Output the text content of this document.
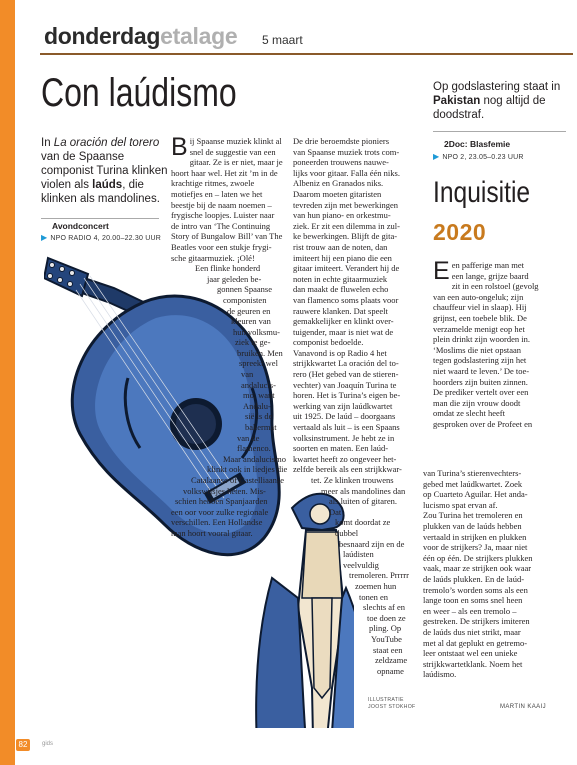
donderdagetalage 5 maart
Con laúdismo
In La oración del torero van de Spaanse componist Turina klinken violen als laúds, die klinken als mandolines.
Avondconcert
▶ NPO RADIO 4, 20.00–22.30 UUR
B ij Spaanse muziek klinkt al

snel de suggestie van een

gitaar. Ze is er niet, maar je

hoort haar wel. Het zit ’m in de

krachtige ritmes, zwoele

motiefjes en – laten we het

beestje bij de naam noemen –

frygische loopjes. Luister naar

de intro van ‘The Continuing

Story of Bungalow Bill’ van The

Beatles voor een stukje frygi-

sche gitaarmuziek. ¡Olé!

Een flinke honderd

jaar geleden be-

gonnen Spaanse

componisten

de geuren en

kleuren van

hun volksmu-

ziek te ge-

bruiken. Men

spreekt wel

van andalucis-

mo, want Andalu-

sië is de bakermat

van de flamenco.

Maar andalucismo

klinkt ook in liedjes die

Catalaanse of Castelliaanse

volkswijsjes heten. Mis-

schien hebben Spanjaarden

een oor voor zulke regionale

verschillen. Een Hollandse

man hoort vooral gitaar.

De drie beroemdste pioniers

van Spaanse muziek trots com-

poneerden trouwens nauwe-

lijks voor gitaar. Falla één niks.

Albeniz en Granados niks.

Daarom moeten gitaristen

tevreden zijn met bewerkingen

van hun piano- en orkestmu-

ziek. Er zit een dilemma in zul-

ke bewerkingen. Blijft de gita-

rist trouw aan de noten, dan

imiteert hij een piano die een

gitaar imiteert. Verandert hij de

noten in echte gitaarmuziek

dan maakt de fluwelen echo

van flamenco soms plaats voor

rauwere klanken. Dat speelt

gemakkelijker en klinkt over-

tuigender, maar is niet wat de

componist bedoelde.

Vanavond is op Radio 4 het

strijkkwartet La oración del to-

rero (Het gebed van de stieren-

vechter) van Joaquín Turina te

horen. Het is Turina’s eigen be-

werking van zijn laúdkwartet

uit 1925. De laúd – doorgaans

vertaald als luit – is een Spaans

volksinstrument. Je hebt ze in

soorten en maten. Een laúd-

kwartet heeft zo ongeveer het-

zelfde bereik als een strijkkwar-

tet. Ze klinken trouwens

meer als mandolines dan

als luiten of gitaren. Dat

komt doordat ze dubbel

besnaard zijn en de

laúdisten veelvuldig

tremoleren. Prrrrr

zoemen hun

tonen en

slechts af en

toe doen ze

pling. Op

YouTube

staat een

zeldzame

opname

Op godslastering staat in Pakistan nog altijd de doodstraf.
2Doc: Blasfemie
▶ NPO 2, 23.05–0.23 UUR
Inquisitie
2020
E en pafferige man met

een lange, grijze baard

zit in een rolstoel (gevolg

van een auto-ongeluk; zijn

chauffeur viel in slaap). Hij

grijnst, een toebele blik. De

verzamelde menigt eop het

plein drinkt zijn woorden in.

‘Moslims die niet opstaan

tegen godslastering zijn het

niet waard te leven.’ De toe-

hoorders zijn buiten zinnen.

De prediker vertelt over een

man die zijn vrouw doodt

omdat ze slecht heeft

gesproken over de Profeet en

van Turina’s stierenvechters-

gebed met laúdkwartet. Zoek

op Cuarteto Aguilar. Het anda-

lucismo spat ervan af.

Zou Turina het tremoleren en

plukken van de laúds hebben

vertaald in strijken en plukken

voor de strijkers? Ja, maar niet

één op één. De strijkers plukken

vaak, maar ze strijken ook waar

de laúds plukken. En de laúd-

tremolo’s worden soms als een

lange toon en soms snel heen

en weer – als een tremolo –

gestreken. De strijkers imiteren

de laúds dus niet strikt, maar

met al dat geplukt en getremo-

leer ontstaat wel een unieke

strijkkwartetklank. Noem het

laúdismo.

MARTIN KAAIJ
ILLUSTRATIE
JOOST STOKHOF
82	gids
